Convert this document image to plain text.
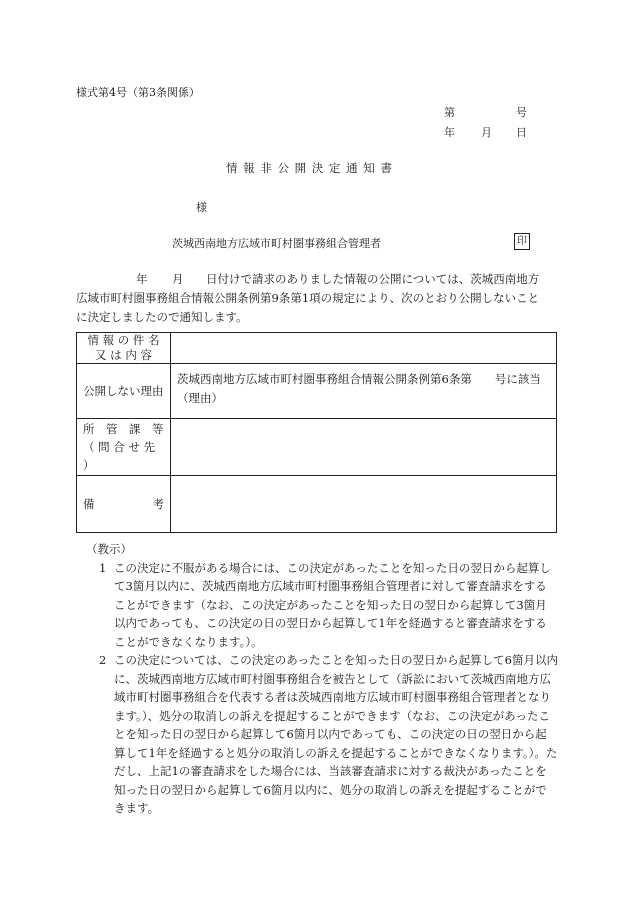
様式第4号（第3条関係）
第	号
年 月 日
情 報 非 公 開 決 定 通 知 書
様
茨城西南地方広域市町村圏事務組合管理者	印
年 月 日付けで請求のありました情報の公開については、茨城西南地方
広域市町村圏事務組合情報公開条例第9条第1項の規定により、次のとおり公開しないこと
に決定しましたので通知します。
情 報 の 件 名
又 は 内 容	

公開しない理由	茨城西南地方広域市町村圏事務組合情報公開条例第6条第　　号に該当
（理由）

所　管　課　等
（ 問 合 せ 先 ）	

備 考	

（教示）
1 この決定に不服がある場合には、この決定があったことを知った日の翌日から起算して3箇月以内に、茨城西南地方広域市町村圏事務組合管理者に対して審査請求をすることができます（なお、この決定があったことを知った日の翌日から起算して3箇月以内であっても、この決定の日の翌日から起算して1年を経過すると審査請求をすることができなくなります。）。
2 この決定については、この決定のあったことを知った日の翌日から起算して6箇月以内に、茨城西南地方広域市町村圏事務組合を被告として（訴訟において茨城西南地方広域市町村圏事務組合を代表する者は茨城西南地方広域市町村圏事務組合管理者となります。）、処分の取消しの訴えを提起することができます（なお、この決定があったことを知った日の翌日から起算して6箇月以内であっても、この決定の日の翌日から起算して1年を経過すると処分の取消しの訴えを提起することができなくなります。）。ただし、上記1の審査請求をした場合には、当該審査請求に対する裁決があったことを知った日の翌日から起算して6箇月以内に、処分の取消しの訴えを提起することができます。
